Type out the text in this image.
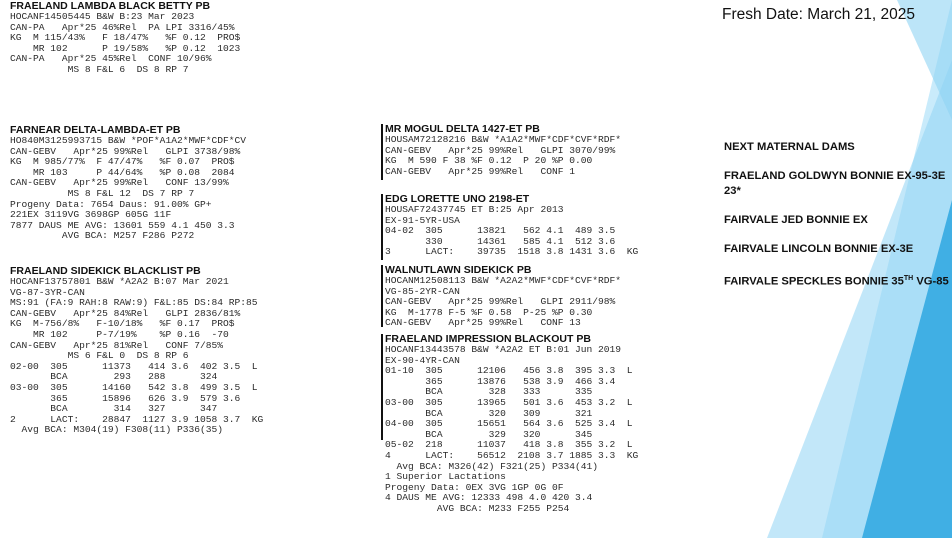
Fresh Date: March 21, 2025
FRAELAND LAMBDA BLACK BETTY PB
HOCANF14505445 B&W B:23 Mar 2023
CAN-PA   Apr*25 46%Rel  PA LPI 3316/45%
KG  M 115/43%   F 18/47%   %F 0.12  PRO$
MR 102      P 19/58%   %P 0.12  1023
CAN-PA   Apr*25 45%Rel  CONF 10/96%
MS 8 F&L 6  DS 8 RP 7
FARNEAR DELTA-LAMBDA-ET PB
HO840M3125993715 B&W *POF*A1A2*MWF*CDF*CV
CAN-GEBV   Apr*25 99%Rel   GLPI 3738/98%
KG  M 985/77%  F 47/47%   %F 0.07  PRO$
MR 103     P 44/64%   %P 0.08  2084
CAN-GEBV   Apr*25 99%Rel   CONF 13/99%
MS 8 F&L 12  DS 7 RP 7
Progeny Data: 7654 Daus: 91.00% GP+
221EX 3119VG 3698GP 605G 11F
7877 DAUS ME AVG: 13601 559 4.1 450 3.3
AVG BCA: M257 F286 P272
FRAELAND SIDEKICK BLACKLIST PB
HOCANF13757801 B&W *A2A2 B:07 Mar 2021
VG-87-3YR-CAN
MS:91 (FA:9 RAH:8 RAW:9) F&L:85 DS:84 RP:85
CAN-GEBV   Apr*25 84%Rel   GLPI 2836/81%
KG  M-756/8%   F-10/18%   %F 0.17  PRO$
MR 102     P-7/19%    %P 0.16  -70
CAN-GEBV   Apr*25 81%Rel   CONF 7/85%
MS 6 F&L 0  DS 8 RP 6
02-00  305      11373   414 3.6  402 3.5  L
BCA        293   288      324
03-00  305      14160   542 3.8  499 3.5  L
365      15896   626 3.9  579 3.6
BCA        314   327      347
2      LACT:    28847  1127 3.9 1058 3.7  KG
Avg BCA: M304(19) F308(11) P336(35)
MR MOGUL DELTA 1427-ET PB
HOUSAM72128216 B&W *A1A2*MWF*CDF*CVF*RDF*
CAN-GEBV   Apr*25 99%Rel   GLPI 3070/99%
KG  M 590 F 38 %F 0.12  P 20 %P 0.00
CAN-GEBV   Apr*25 99%Rel   CONF 1
EDG LORETTE UNO 2198-ET
HOUSAF72437745 ET B:25 Apr 2013
EX-91-5YR-USA
04-02  305      13821   562 4.1  489 3.5
330      14361   585 4.1  512 3.6
3      LACT:    39735  1518 3.8 1431 3.6  KG
WALNUTLAWN SIDEKICK PB
HOCANM12508113 B&W *A2A2*MWF*CDF*CVF*RDF*
VG-85-2YR-CAN
CAN-GEBV   Apr*25 99%Rel   GLPI 2911/98%
KG  M-1778 F-5 %F 0.58  P-25 %P 0.30
CAN-GEBV   Apr*25 99%Rel   CONF 13
FRAELAND IMPRESSION BLACKOUT PB
HOCANF13443578 B&W *A2A2 ET B:01 Jun 2019
EX-90-4YR-CAN
01-10  305      12106   456 3.8  395 3.3  L
365      13876   538 3.9  466 3.4
BCA        328   333      335
03-00  305      13965   501 3.6  453 3.2  L
BCA        320   309      321
04-00  305      15651   564 3.6  525 3.4  L
BCA        329   320      345
05-02  218      11037   418 3.8  355 3.2  L
4      LACT:    56512  2108 3.7 1885 3.3  KG
Avg BCA: M326(42) F321(25) P334(41)
1 Superior Lactations
Progeny Data: 0EX 3VG 1GP 0G 0F
4 DAUS ME AVG: 12333 498 4.0 420 3.4
AVG BCA: M233 F255 P254
NEXT MATERNAL DAMS
FRAELAND GOLDWYN BONNIE EX-95-3E 23*
FAIRVALE JED BONNIE EX
FAIRVALE LINCOLN BONNIE EX-3E
FAIRVALE SPECKLES BONNIE 35TH VG-85
